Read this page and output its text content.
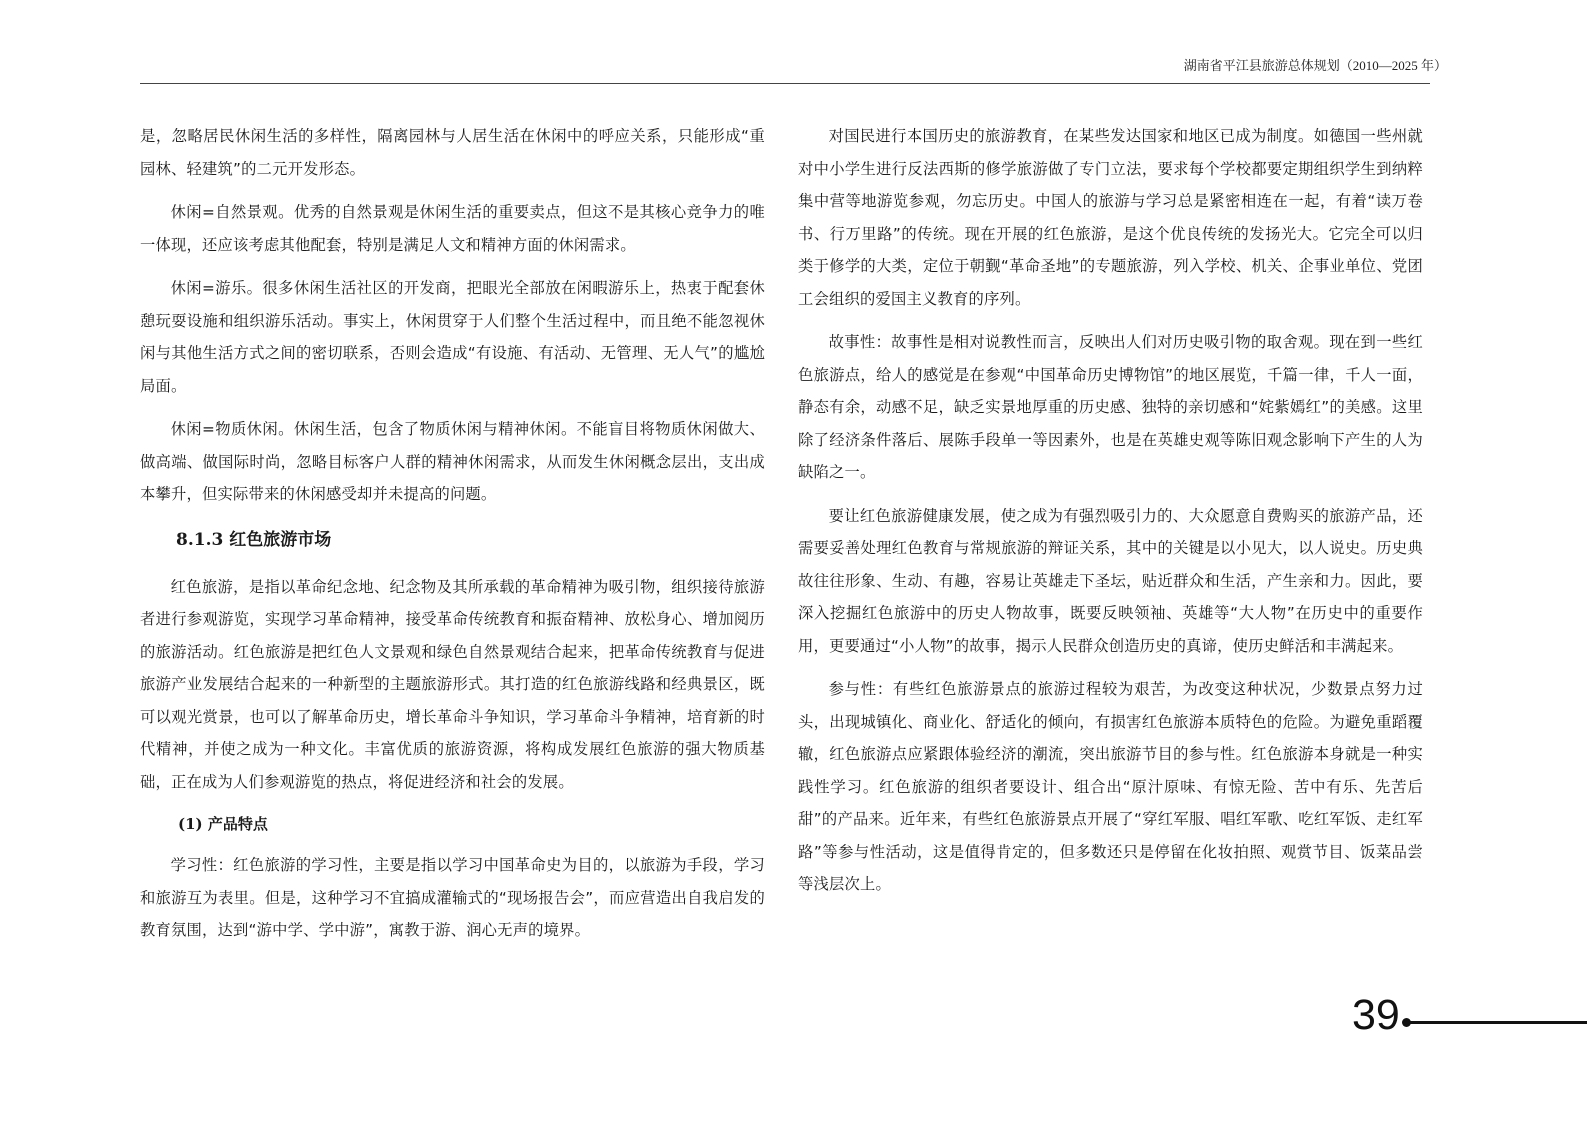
湖南省平江县旅游总体规划（2010—2025 年）

是，忽略居民休闲生活的多样性，隔离园林与人居生活在休闲中的呼应关系，只能形成“重园林、轻建筑”的二元开发形态。

休闲=自然景观。优秀的自然景观是休闲生活的重要卖点，但这不是其核心竞争力的唯一体现，还应该考虑其他配套，特别是满足人文和精神方面的休闲需求。

休闲=游乐。很多休闲生活社区的开发商，把眼光全部放在闲暇游乐上，热衷于配套休憩玩耍设施和组织游乐活动。事实上，休闲贯穿于人们整个生活过程中，而且绝不能忽视休闲与其他生活方式之间的密切联系，否则会造成“有设施、有活动、无管理、无人气”的尴尬局面。

休闲=物质休闲。休闲生活，包含了物质休闲与精神休闲。不能盲目将物质休闲做大、做高端、做国际时尚，忽略目标客户人群的精神休闲需求，从而发生休闲概念层出，支出成本攀升，但实际带来的休闲感受却并未提高的问题。

8.1.3 红色旅游市场

红色旅游，是指以革命纪念地、纪念物及其所承载的革命精神为吸引物，组织接待旅游者进行参观游览，实现学习革命精神，接受革命传统教育和振奋精神、放松身心、增加阅历的旅游活动。红色旅游是把红色人文景观和绿色自然景观结合起来，把革命传统教育与促进旅游产业发展结合起来的一种新型的主题旅游形式。其打造的红色旅游线路和经典景区，既可以观光赏景，也可以了解革命历史，增长革命斗争知识，学习革命斗争精神，培育新的时代精神，并使之成为一种文化。丰富优质的旅游资源，将构成发展红色旅游的强大物质基础，正在成为人们参观游览的热点，将促进经济和社会的发展。

(1) 产品特点

学习性：红色旅游的学习性，主要是指以学习中国革命史为目的，以旅游为手段，学习和旅游互为表里。但是，这种学习不宜搞成灌输式的“现场报告会”，而应营造出自我启发的教育氛围，达到“游中学、学中游”，寓教于游、润心无声的境界。

对国民进行本国历史的旅游教育，在某些发达国家和地区已成为制度。如德国一些州就对中小学生进行反法西斯的修学旅游做了专门立法，要求每个学校都要定期组织学生到纳粹集中营等地游览参观，勿忘历史。中国人的旅游与学习总是紧密相连在一起，有着“读万卷书、行万里路”的传统。现在开展的红色旅游，是这个优良传统的发扬光大。它完全可以归类于修学的大类，定位于朝觐“革命圣地”的专题旅游，列入学校、机关、企事业单位、党团工会组织的爱国主义教育的序列。

故事性：故事性是相对说教性而言，反映出人们对历史吸引物的取舍观。现在到一些红色旅游点，给人的感觉是在参观“中国革命历史博物馆”的地区展览，千篇一律，千人一面，静态有余，动感不足，缺乏实景地厚重的历史感、独特的亲切感和“姹紫嫣红”的美感。这里除了经济条件落后、展陈手段单一等因素外，也是在英雄史观等陈旧观念影响下产生的人为缺陷之一。

要让红色旅游健康发展，使之成为有强烈吸引力的、大众愿意自费购买的旅游产品，还需要妥善处理红色教育与常规旅游的辩证关系，其中的关键是以小见大，以人说史。历史典故往往形象、生动、有趣，容易让英雄走下圣坛，贴近群众和生活，产生亲和力。因此，要深入挖掘红色旅游中的历史人物故事，既要反映领袖、英雄等“大人物”在历史中的重要作用，更要通过“小人物”的故事，揭示人民群众创造历史的真谛，使历史鲜活和丰满起来。

参与性：有些红色旅游景点的旅游过程较为艰苦，为改变这种状况，少数景点努力过头，出现城镇化、商业化、舒适化的倾向，有损害红色旅游本质特色的危险。为避免重蹈覆辙，红色旅游点应紧跟体验经济的潮流，突出旅游节目的参与性。红色旅游本身就是一种实践性学习。红色旅游的组织者要设计、组合出“原汁原味、有惊无险、苦中有乐、先苦后甜”的产品来。近年来，有些红色旅游景点开展了“穿红军服、唱红军歌、吃红军饭、走红军路”等参与性活动，这是值得肯定的，但多数还只是停留在化妆拍照、观赏节目、饭菜品尝等浅层次上。

39
